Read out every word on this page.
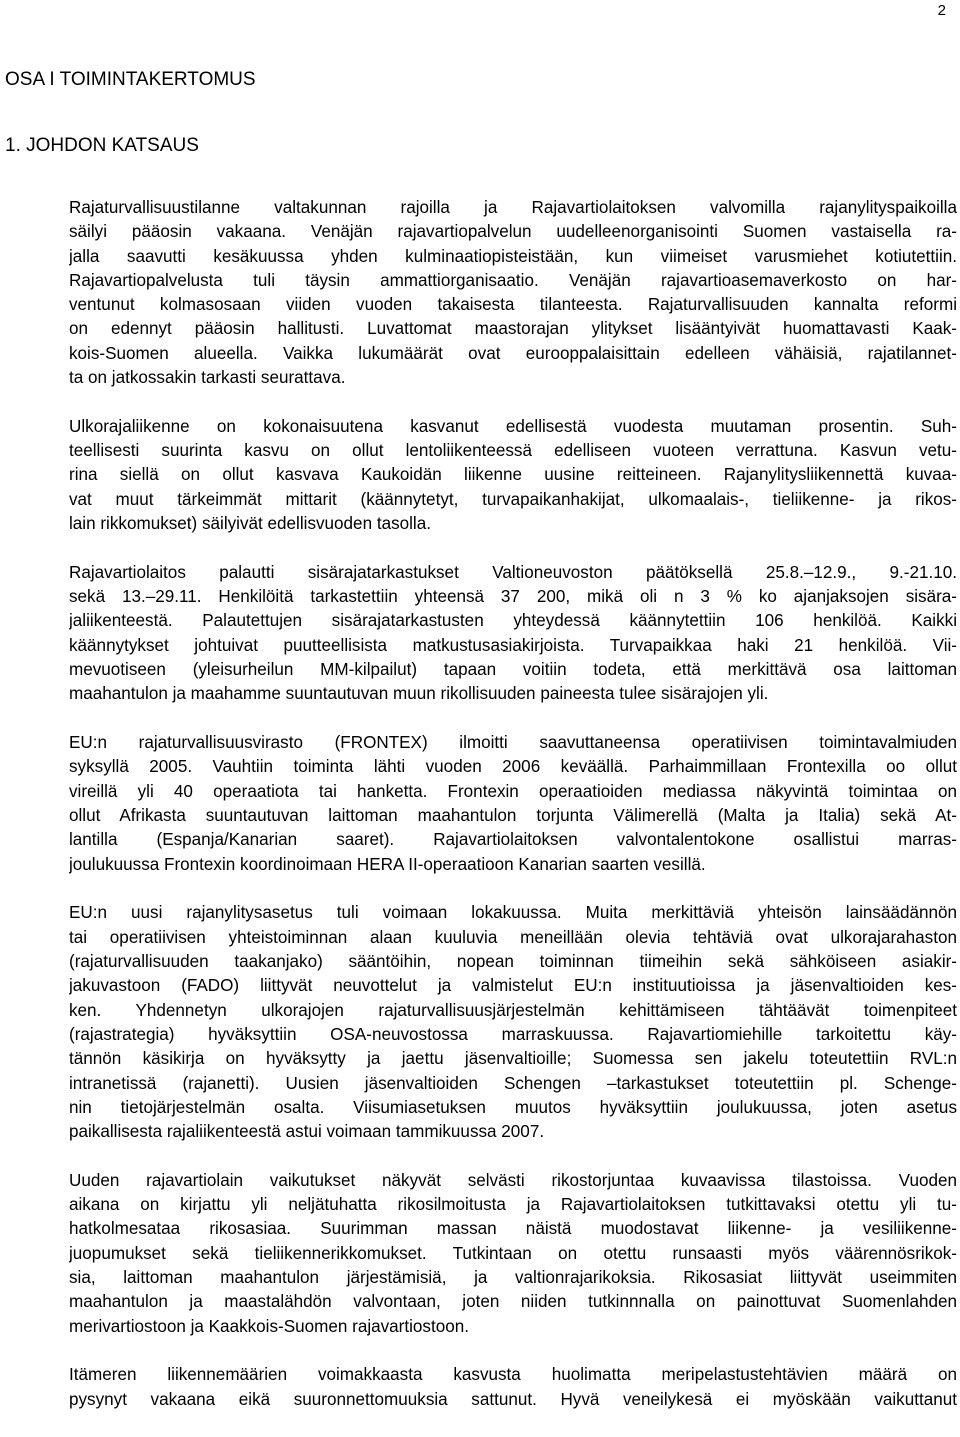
2
OSA I TOIMINTAKERTOMUS
1. JOHDON KATSAUS
Rajaturvallisuustilanne valtakunnan rajoilla ja Rajavartiolaitoksen valvomilla rajanylityspaikoilla
säilyi pääosin vakaana. Venäjän rajavartiopalvelun uudelleenorganisointi Suomen vastaisella ra-
jalla saavutti kesäkuussa yhden kulminaatiopisteistään, kun viimeiset varusmiehet kotiutettiin.
Rajavartiopalvelusta tuli täysin ammattiorganisaatio. Venäjän rajavartioasemaverkosto on har-
ventunut kolmasosaan viiden vuoden takaisesta tilanteesta. Rajaturvallisuuden kannalta reformi
on edennyt pääosin hallitusti. Luvattomat maastorajan ylitykset lisääntyivät huomattavasti Kaak-
kois-Suomen alueella. Vaikka lukumäärät ovat eurooppalaisittain edelleen vähäisiä, rajatilannet-
ta on jatkossakin tarkasti seurattava.
Ulkorajaliikenne on kokonaisuutena kasvanut edellisestä vuodesta muutaman prosentin. Suh-
teellisesti suurinta kasvu on ollut lentoliikenteessä edelliseen vuoteen verrattuna. Kasvun vetu-
rina siellä on ollut kasvava Kaukoidän liikenne uusine reitteineen. Rajanylitysliikennettä kuvaa-
vat muut tärkeimmät mittarit (käännytetyt, turvapaikanhakijat, ulkomaalais-, tieliikenne- ja rikos-
lain rikkomukset) säilyivät edellisvuoden tasolla.
Rajavartiolaitos palautti sisärajatarkastukset Valtioneuvoston päätöksellä 25.8.–12.9., 9.-21.10.
sekä 13.–29.11. Henkilöitä tarkastettiin yhteensä 37 200, mikä oli n 3 % ko ajanjaksojen sisära-
jaliikenteestä. Palautettujen sisärajatarkastusten yhteydessä käännytettiin 106 henkilöä. Kaikki
käännytykset johtuivat puutteellisista matkustusasiakirjoista. Turvapaikkaa haki 21 henkilöä. Vii-
mevuotiseen (yleisurheilun MM-kilpailut) tapaan voitiin todeta, että merkittävä osa laittoman
maahantulon ja maahamme suuntautuvan muun rikollisuuden paineesta tulee sisärajojen yli.
EU:n rajaturvallisuusvirasto (FRONTEX) ilmoitti saavuttaneensa operatiivisen toimintavalmiuden
syksyllä 2005. Vauhtiin toiminta lähti vuoden 2006 keväällä. Parhaimmillaan Frontexilla oo ollut
vireillä yli 40 operaatiota tai hanketta. Frontexin operaatioiden mediassa näkyvintä toimintaa on
ollut Afrikasta suuntautuvan laittoman maahantulon torjunta Välimerellä (Malta ja Italia) sekä At-
lantilla (Espanja/Kanarian saaret). Rajavartiolaitoksen valvontalentokone osallistui marras-
joulukuussa Frontexin koordinoimaan HERA II-operaatioon Kanarian saarten vesillä.
EU:n uusi rajanylitysasetus tuli voimaan lokakuussa. Muita merkittäviä yhteisön lainsäädännön
tai operatiivisen yhteistoiminnan alaan kuuluvia meneillään olevia tehtäviä ovat ulkorajarahaston
(rajaturvallisuuden taakanjako) sääntöihin, nopean toiminnan tiimeihin sekä sähköiseen asiakir-
jakuvastoon (FADO) liittyvät neuvottelut ja valmistelut EU:n instituutioissa ja jäsenvaltioiden kes-
ken. Yhdennetyn ulkorajojen rajaturvallisuusjärjestelmän kehittämiseen tähtäävät toimenpiteet
(rajastrategia) hyväksyttiin OSA-neuvostossa marraskuussa. Rajavartiomiehille tarkoitettu käy-
tännön käsikirja on hyväksytty ja jaettu jäsenvaltioille; Suomessa sen jakelu toteutettiin RVL:n
intranetissä (rajanetti). Uusien jäsenvaltioiden Schengen –tarkastukset toteutettiin pl. Schenge-
nin tietojärjestelmän osalta. Viisumiasetuksen muutos hyväksyttiin joulukuussa, joten asetus
paikallisesta rajaliikenteestä astui voimaan tammikuussa 2007.
Uuden rajavartiolain vaikutukset näkyvät selvästi rikostorjuntaa kuvaavissa tilastoissa. Vuoden
aikana on kirjattu yli neljätuhatta rikosilmoitusta ja Rajavartiolaitoksen tutkittavaksi otettu yli tu-
hatkolmesataa rikosasiaa. Suurimman massan näistä muodostavat liikenne- ja vesiliikenne-
juopumukset sekä tieliikennerikkomukset. Tutkintaan on otettu runsaasti myös väärennösrikok-
sia, laittoman maahantulon järjestämisiä, ja valtionrajarikoksia. Rikosasiat liittyvät useimmiten
maahantulon ja maastalähdön valvontaan, joten niiden tutkinnnalla on painottuvat Suomenlahden
merivartiostoon ja Kaakkois-Suomen rajavartiostoon.
Itämeren liikennemäärien voimakkaasta kasvusta huolimatta meripelastustehtävien määrä on
pysynyt vakaana eikä suuronnettomuuksia sattunut. Hyvä veneilykesä ei myöskään vaikuttanut
